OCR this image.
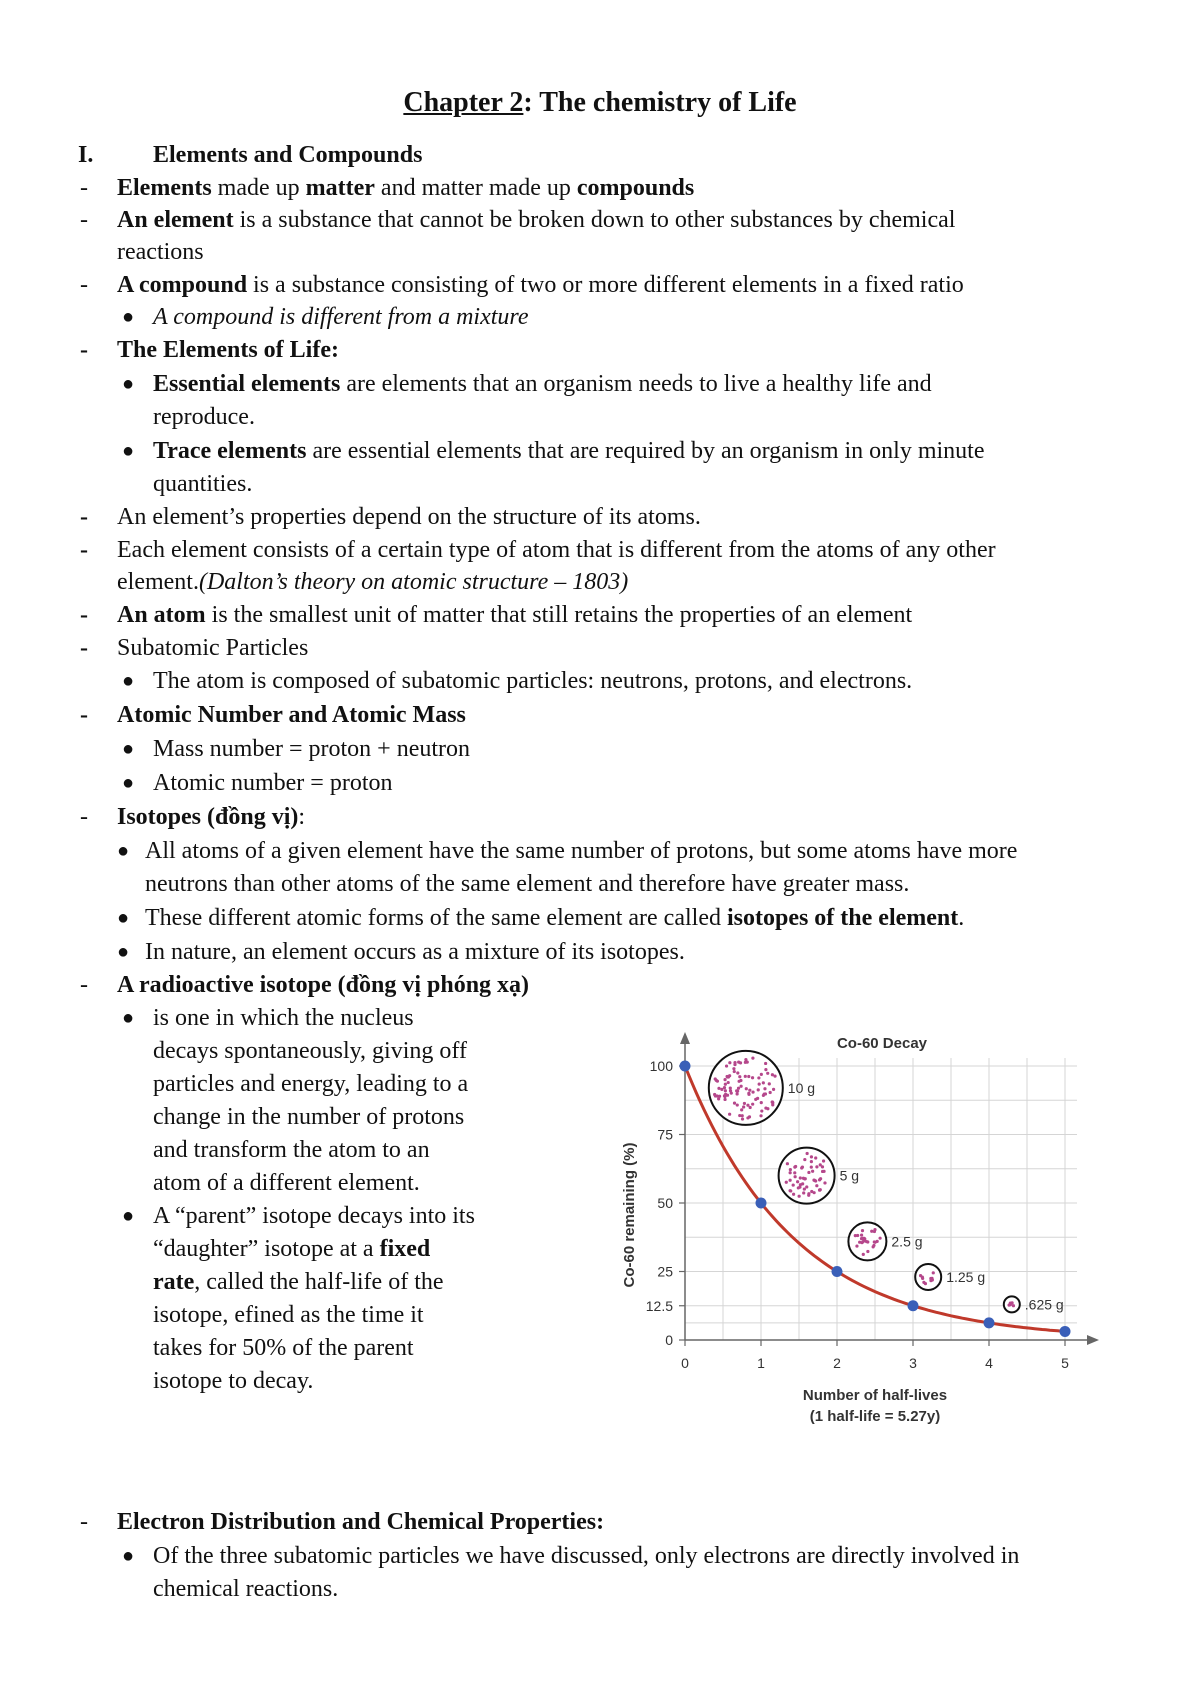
Chapter 2: The chemistry of Life
I. Elements and Compounds
- Elements made up matter and matter made up compounds
- An element is a substance that cannot be broken down to other substances by chemical
reactions
- A compound is a substance consisting of two or more different elements in a fixed ratio
● A compound is different from a mixture
- The Elements of Life:
● Essential elements are elements that an organism needs to live a healthy life and
reproduce.
● Trace elements are essential elements that are required by an organism in only minute
quantities.
- An element’s properties depend on the structure of its atoms.
- Each element consists of a certain type of atom that is different from the atoms of any other
element.(Dalton’s theory on atomic structure – 1803)
- An atom is the smallest unit of matter that still retains the properties of an element
- Subatomic Particles
● The atom is composed of subatomic particles: neutrons, protons, and electrons.
- Atomic Number and Atomic Mass
● Mass number = proton + neutron
● Atomic number = proton
- Isotopes (đồng vị):
● All atoms of a given element have the same number of protons, but some atoms have more
neutrons than other atoms of the same element and therefore have greater mass.
● These different atomic forms of the same element are called isotopes of the element.
● In nature, an element occurs as a mixture of its isotopes.
- A radioactive isotope (đồng vị phóng xạ)
● is one in which the nucleus
decays spontaneously, giving off
particles and energy, leading to a
change in the number of protons
and transform the atom to an
atom of a different element.
● A “parent” isotope decays into its
“daughter” isotope at a fixed
rate, called the half-life of the
isotope, efined as the time it
takes for 50% of the parent
isotope to decay.
0
12.5
25
50
75
100
0	1	2	3	4	5
10 g
5 g
2.5 g
1.25 g
.625 g
Co-60 Decay
Number of half-lives
(1 half-life = 5.27y)
Co-60 remaining (%)
- Electron Distribution and Chemical Properties:
● Of the three subatomic particles we have discussed, only electrons are directly involved in
chemical reactions.
